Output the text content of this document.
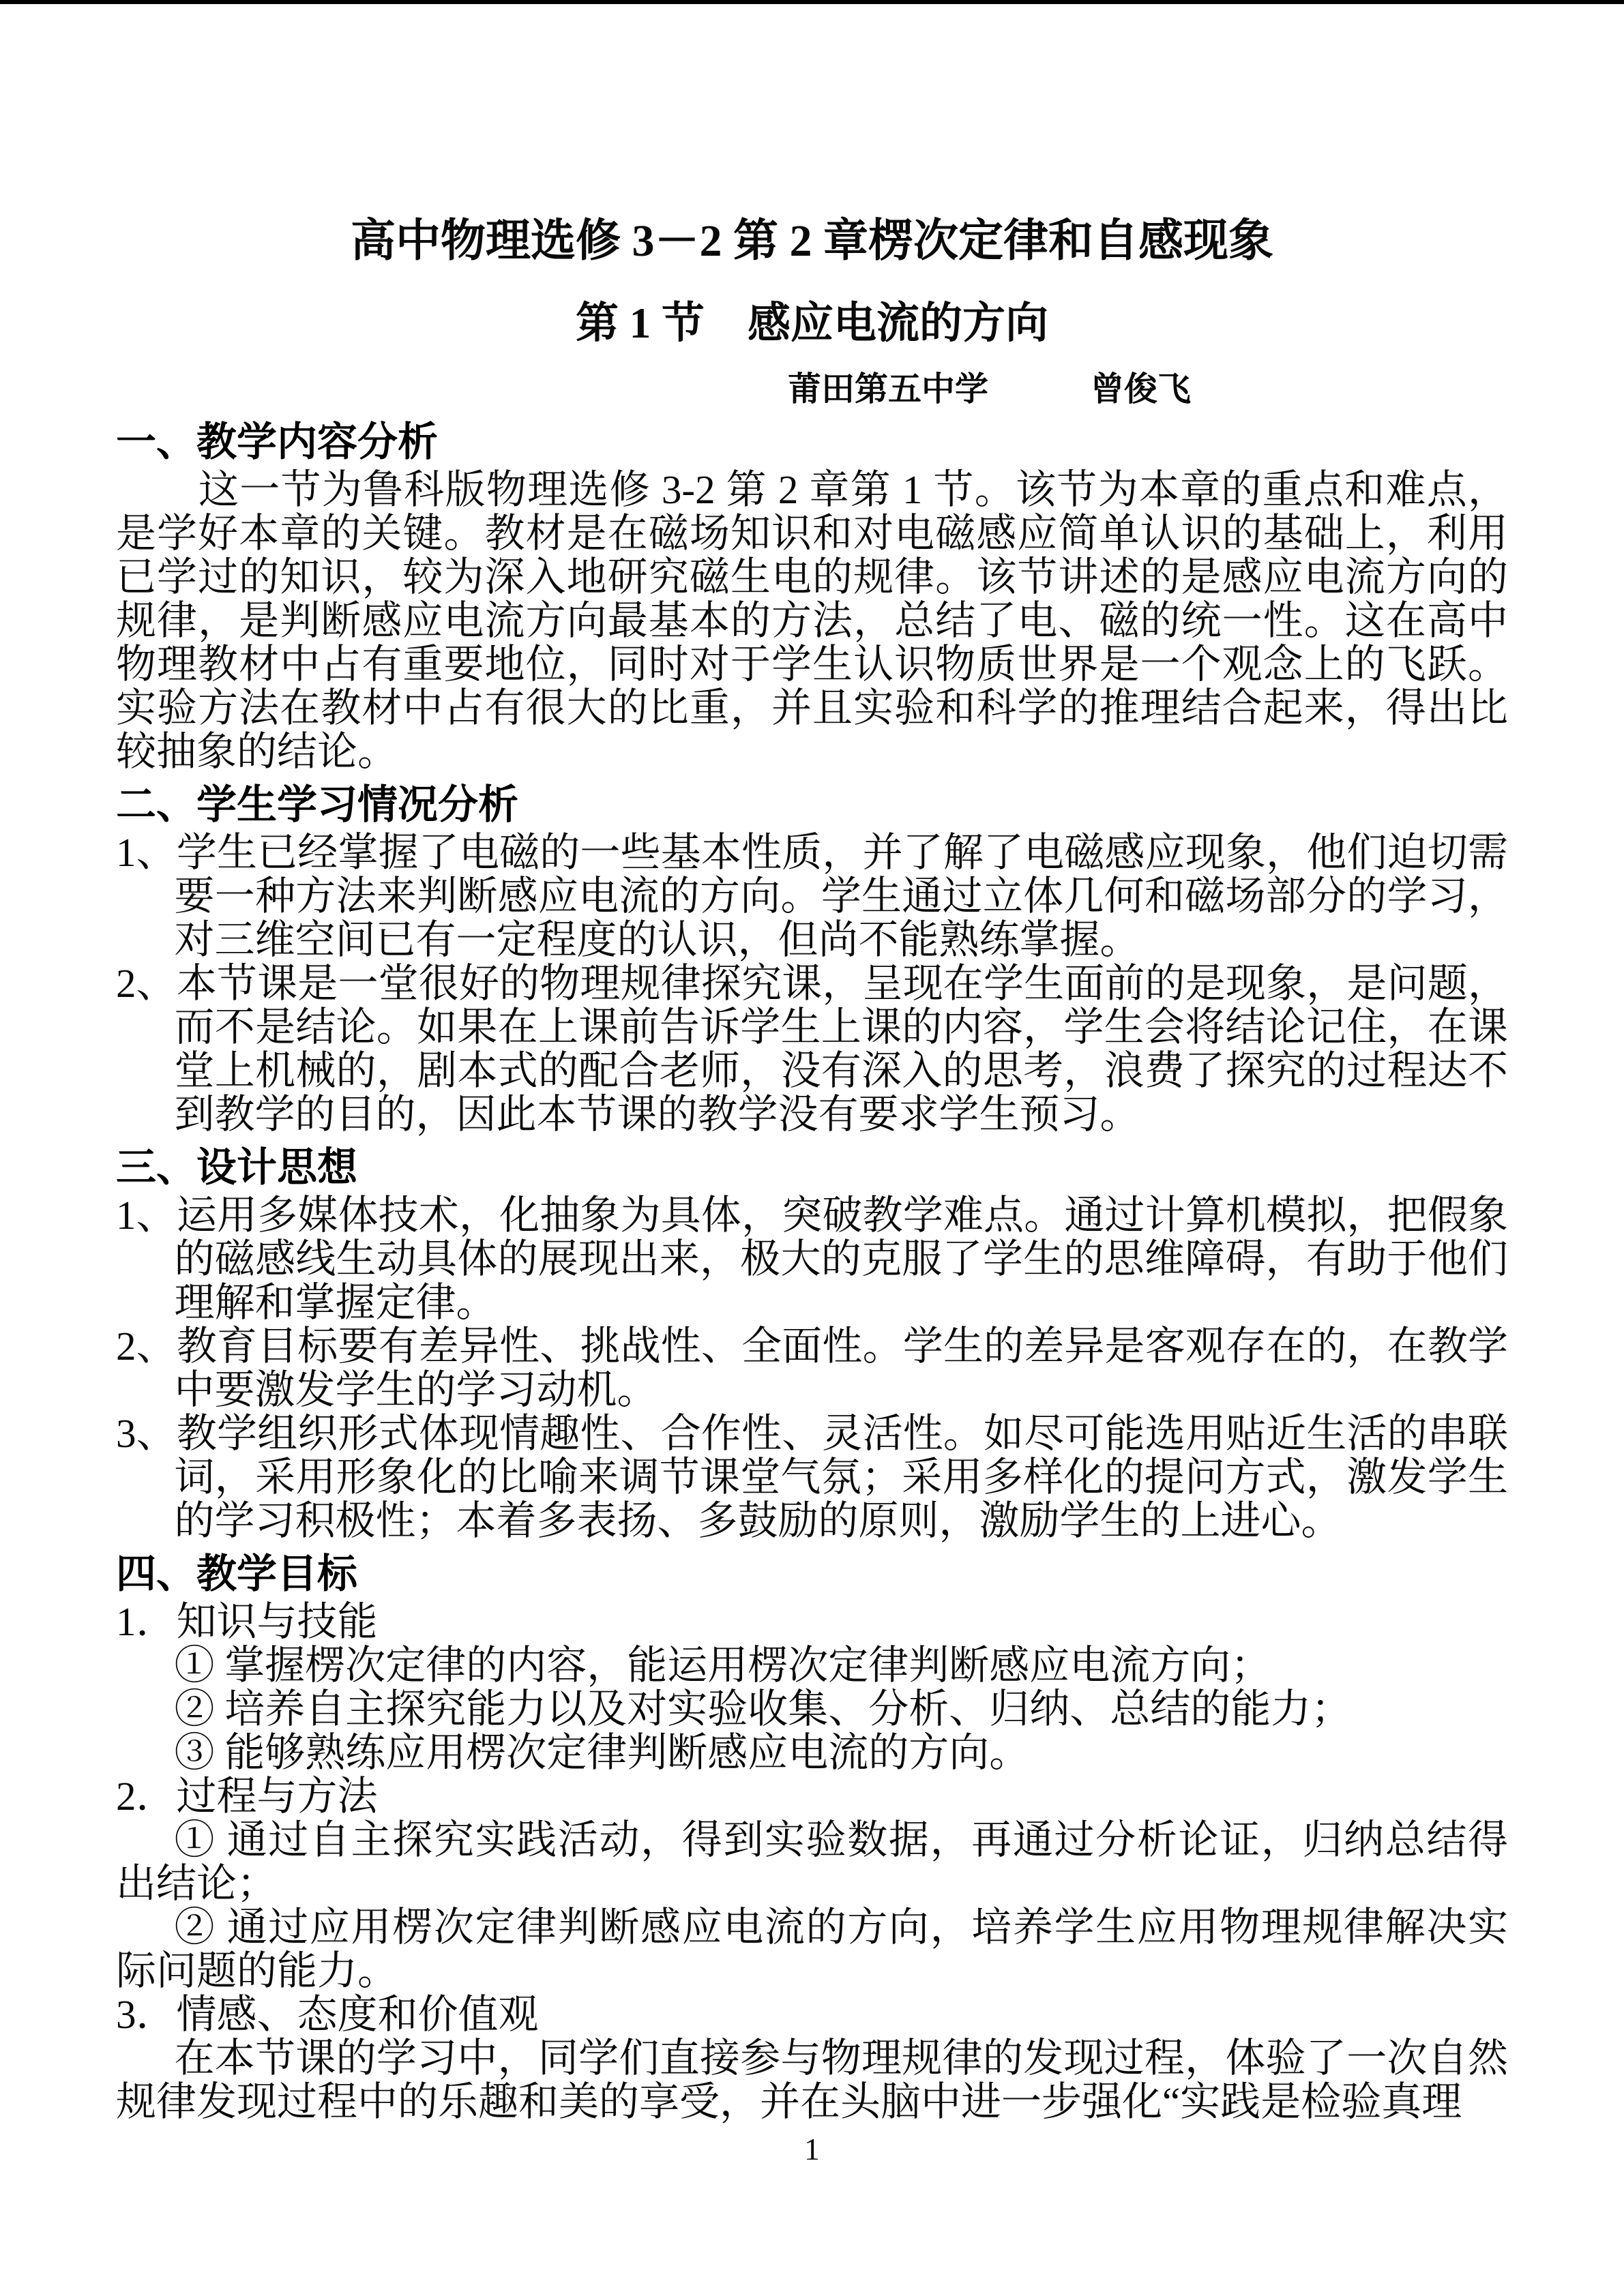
高中物理选修 3－2 第 2 章楞次定律和自感现象
第 1 节　感应电流的方向
莆田第五中学	曾俊飞
一、教学内容分析

这一节为鲁科版物理选修 3-2 第 2 章第 1 节。该节为本章的重点和难点，是学好本章的关键。教材是在磁场知识和对电磁感应简单认识的基础上，利用已学过的知识，较为深入地研究磁生电的规律。该节讲述的是感应电流方向的规律，是判断感应电流方向最基本的方法，总结了电、磁的统一性。这在高中物理教材中占有重要地位，同时对于学生认识物质世界是一个观念上的飞跃。实验方法在教材中占有很大的比重，并且实验和科学的推理结合起来，得出比较抽象的结论。

二、学生学习情况分析

1、学生已经掌握了电磁的一些基本性质，并了解了电磁感应现象，他们迫切需要一种方法来判断感应电流的方向。学生通过立体几何和磁场部分的学习，对三维空间已有一定程度的认识，但尚不能熟练掌握。

2、本节课是一堂很好的物理规律探究课，呈现在学生面前的是现象，是问题，而不是结论。如果在上课前告诉学生上课的内容，学生会将结论记住，在课堂上机械的，剧本式的配合老师，没有深入的思考，浪费了探究的过程达不到教学的目的，因此本节课的教学没有要求学生预习。

三、设计思想

1、运用多媒体技术，化抽象为具体，突破教学难点。通过计算机模拟，把假象的磁感线生动具体的展现出来，极大的克服了学生的思维障碍，有助于他们理解和掌握定律。

2、教育目标要有差异性、挑战性、全面性。学生的差异是客观存在的，在教学中要激发学生的学习动机。

3、教学组织形式体现情趣性、合作性、灵活性。如尽可能选用贴近生活的串联词，采用形象化的比喻来调节课堂气氛；采用多样化的提问方式，激发学生的学习积极性；本着多表扬、多鼓励的原则，激励学生的上进心。

四、教学目标

1．知识与技能

① 掌握楞次定律的内容，能运用楞次定律判断感应电流方向；

② 培养自主探究能力以及对实验收集、分析、归纳、总结的能力；

③ 能够熟练应用楞次定律判断感应电流的方向。

2．过程与方法

① 通过自主探究实践活动，得到实验数据，再通过分析论证，归纳总结得出结论；

② 通过应用楞次定律判断感应电流的方向，培养学生应用物理规律解决实际问题的能力。

3．情感、态度和价值观

在本节课的学习中，同学们直接参与物理规律的发现过程，体验了一次自然规律发现过程中的乐趣和美的享受，并在头脑中进一步强化“实践是检验真理

1
